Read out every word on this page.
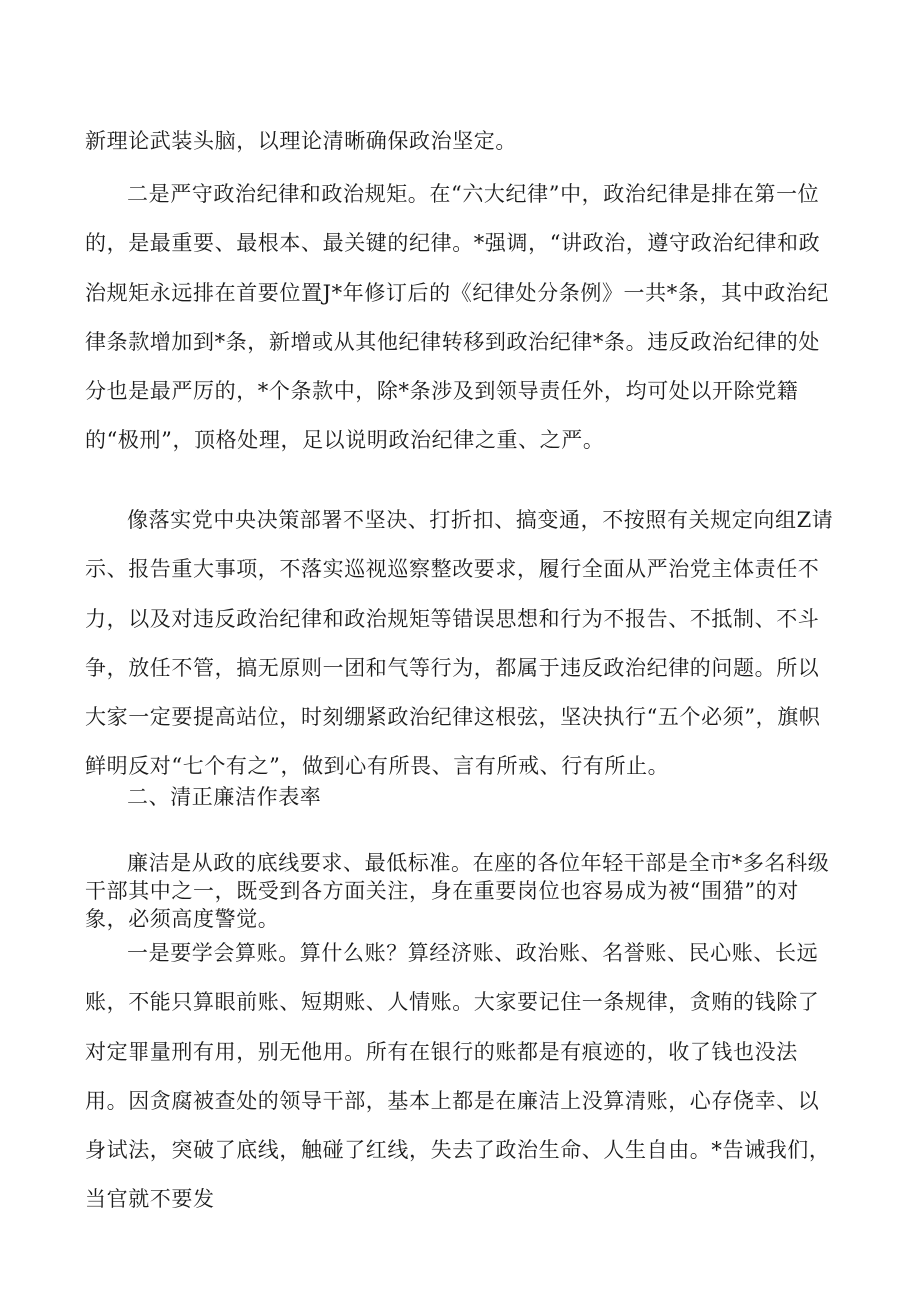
新理论武装头脑，以理论清晰确保政治坚定。

二是严守政治纪律和政治规矩。在“六大纪律”中，政治纪律是排在第一位的，是最重要、最根本、最关键的纪律。*强调，“讲政治，遵守政治纪律和政治规矩永远排在首要位置J*年修订后的《纪律处分条例》一共*条，其中政治纪律条款增加到*条，新增或从其他纪律转移到政治纪律*条。违反政治纪律的处分也是最严厉的，*个条款中，除*条涉及到领导责任外，均可处以开除党籍的“极刑”，顶格处理，足以说明政治纪律之重、之严。

像落实党中央决策部署不坚决、打折扣、搞变通，不按照有关规定向组Z请示、报告重大事项，不落实巡视巡察整改要求，履行全面从严治党主体责任不力，以及对违反政治纪律和政治规矩等错误思想和行为不报告、不抵制、不斗争，放任不管，搞无原则一团和气等行为，都属于违反政治纪律的问题。所以大家一定要提高站位，时刻绷紧政治纪律这根弦，坚决执行“五个必须”，旗帜鲜明反对“七个有之”，做到心有所畏、言有所戒、行有所止。

二、清正廉洁作表率

廉洁是从政的底线要求、最低标准。在座的各位年轻干部是全市*多名科级干部其中之一，既受到各方面关注，身在重要岗位也容易成为被“围猎”的对象，必须高度警觉。

一是要学会算账。算什么账？算经济账、政治账、名誉账、民心账、长远账，不能只算眼前账、短期账、人情账。大家要记住一条规律，贪贿的钱除了对定罪量刑有用，别无他用。所有在银行的账都是有痕迹的，收了钱也没法用。因贪腐被查处的领导干部，基本上都是在廉洁上没算清账，心存侥幸、以身试法，突破了底线，触碰了红线，失去了政治生命、人生自由。*告诫我们，当官就不要发
